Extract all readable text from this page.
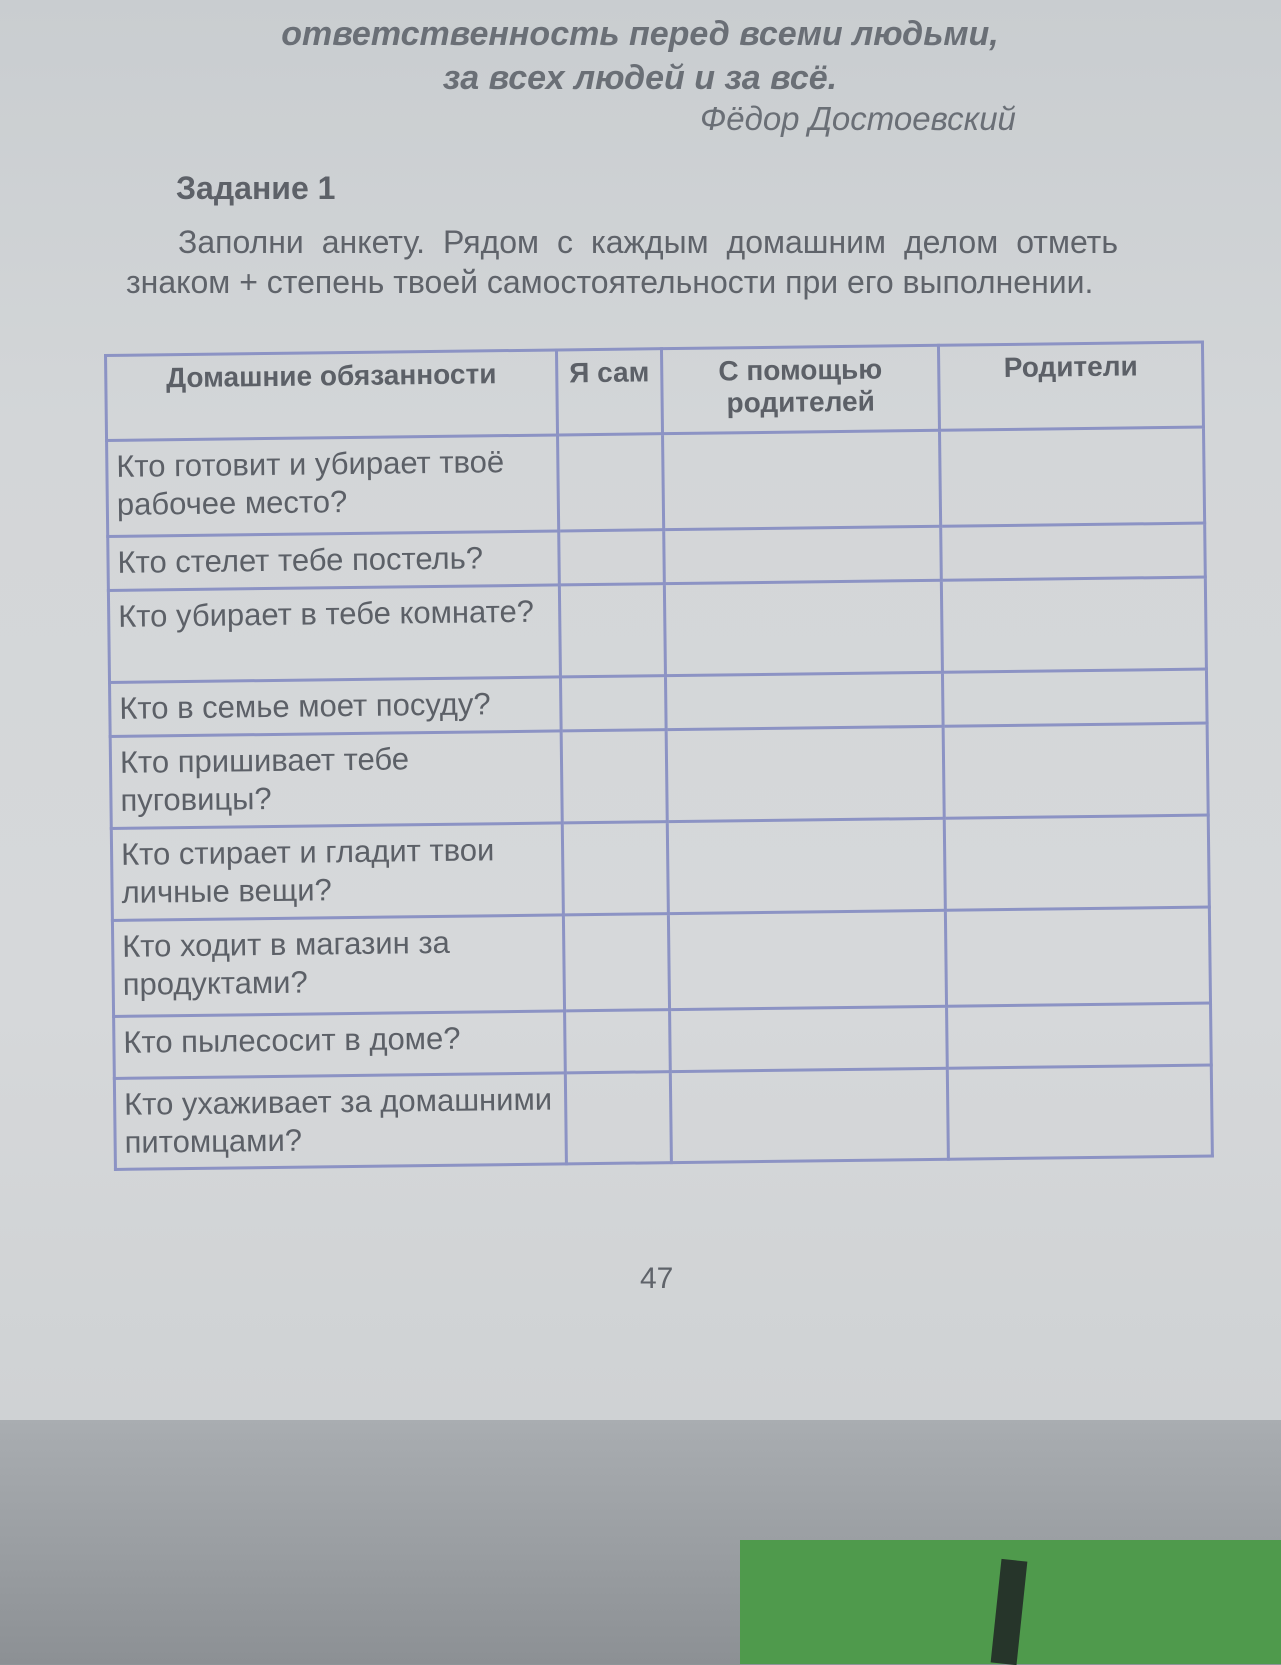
ответственность перед всеми людьми,
за всех людей и за всё.
Фёдор Достоевский
Задание 1
Заполни анкету. Рядом с каждым домашним делом отметь знаком + степень твоей самостоятельности при его выполнении.
Домашние обязанности	Я сам	С помощью родителей	Родители
Кто готовит и убирает твоё рабочее место?			
Кто стелет тебе постель?			
Кто убирает в тебе комнате?			
Кто в семье моет посуду?			
Кто пришивает тебе пуговицы?			
Кто стирает и гладит твои личные вещи?			
Кто ходит в магазин за продуктами?			
Кто пылесосит в доме?			
Кто ухаживает за домашними питомцами?			
47
